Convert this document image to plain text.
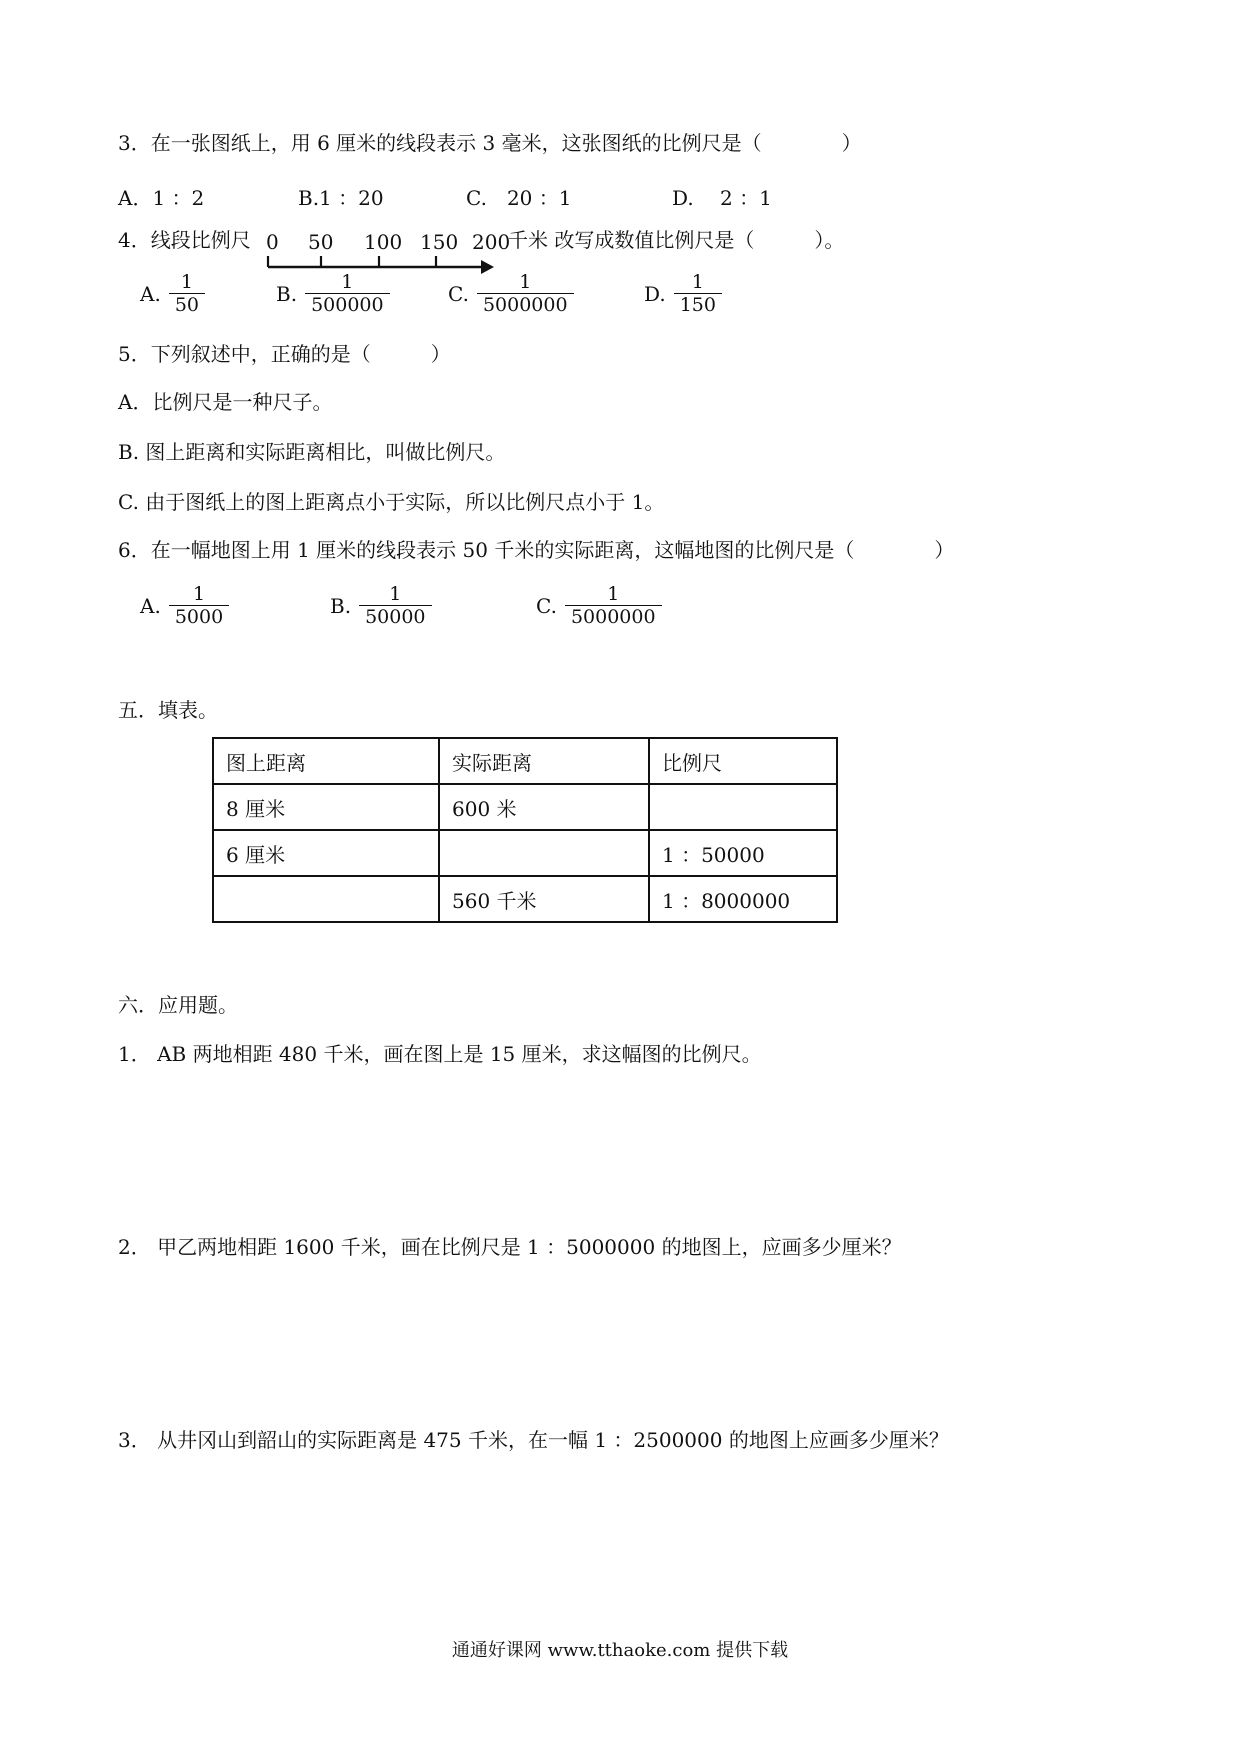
3．在一张图纸上，用 6 厘米的线段表示 3 毫米，这张图纸的比例尺是（　　　　）
A．1 ：2	B.1 ：20	C.　20 ：1	D.　 2 ：1
4．线段比例尺 0 50 100 150 200
千米 改写成数值比例尺是（　　　）。
A. $\frac{1}{50}$	B. $\frac{1}{500000}$	C. $\frac{1}{5000000}$	D. $\frac{1}{150}$
5．下列叙述中，正确的是（　　　）
A．比例尺是一种尺子。
B. 图上距离和实际距离相比，叫做比例尺。
C. 由于图纸上的图上距离点小于实际，所以比例尺点小于 1。
6．在一幅地图上用 1 厘米的线段表示 50 千米的实际距离，这幅地图的比例尺是（　　　　）
A. $\frac{1}{5000}$	B. $\frac{1}{50000}$	C. $\frac{1}{5000000}$
五．填表。
图上距离	实际距离	比例尺
8 厘米	600 米	
6 厘米		1 ：50000
	560 千米	1 ：8000000
六．应用题。
1． AB 两地相距 480 千米，画在图上是 15 厘米，求这幅图的比例尺。
2． 甲乙两地相距 1600 千米，画在比例尺是 1 ：5000000 的地图上，应画多少厘米？
3． 从井冈山到韶山的实际距离是 475 千米，在一幅 1 ：2500000 的地图上应画多少厘米？
通通好课网 www.tthaoke.com 提供下载
